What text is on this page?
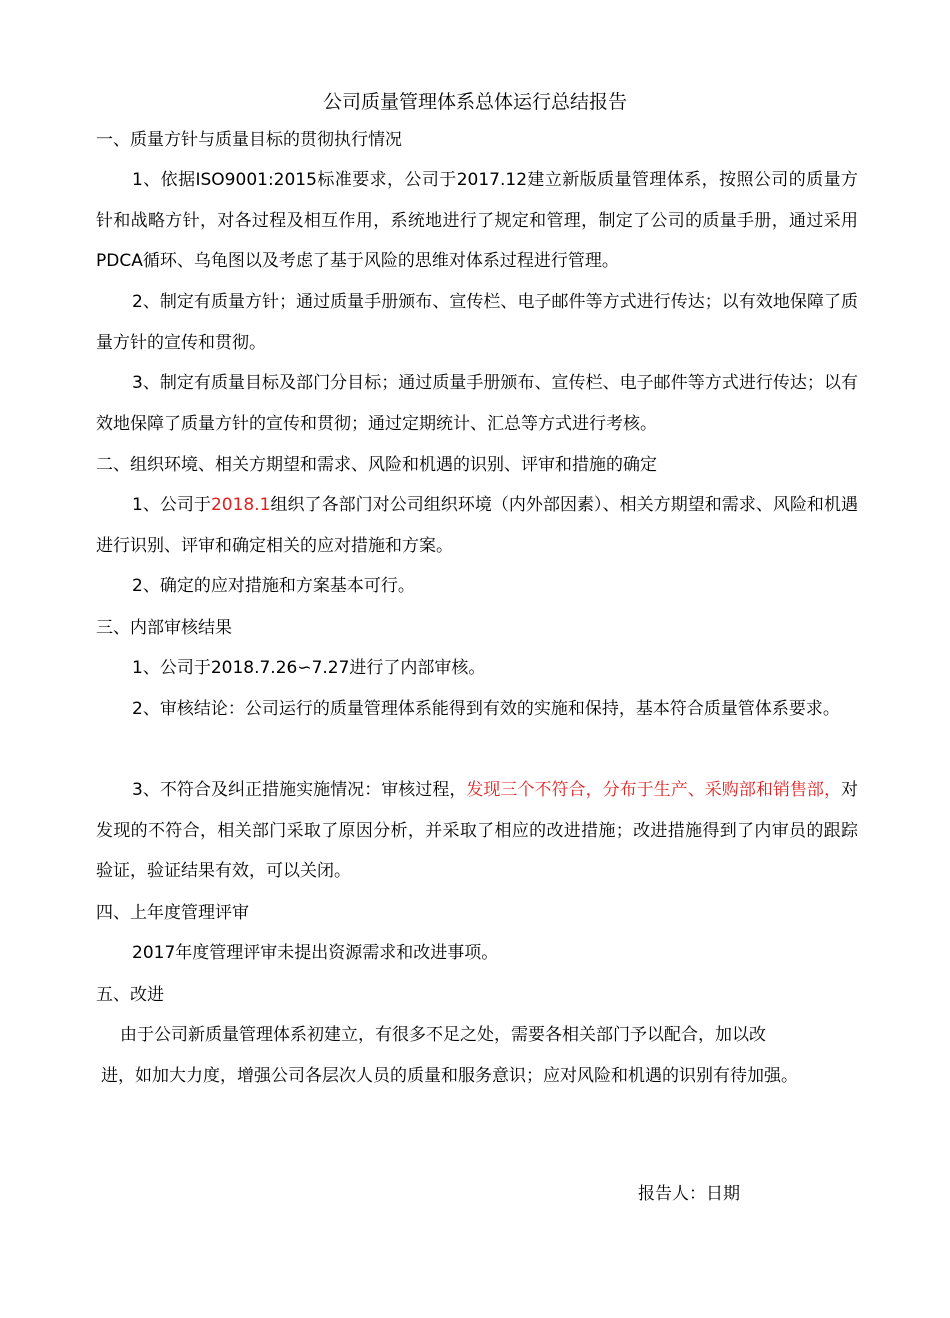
公司质量管理体系总体运行总结报告
一、质量方针与质量目标的贯彻执行情况
1、依据ISO9001:2015标准要求，公司于2017.12建立新版质量管理体系，按照公司的质量方针和战略方针，对各过程及相互作用，系统地进行了规定和管理，制定了公司的质量手册，通过采用PDCA循环、乌龟图以及考虑了基于风险的思维对体系过程进行管理。
2、制定有质量方针；通过质量手册颁布、宣传栏、电子邮件等方式进行传达；以有效地保障了质量方针的宣传和贯彻。
3、制定有质量目标及部门分目标；通过质量手册颁布、宣传栏、电子邮件等方式进行传达；以有效地保障了质量方针的宣传和贯彻；通过定期统计、汇总等方式进行考核。
二、组织环境、相关方期望和需求、风险和机遇的识别、评审和措施的确定
1、公司于2018.1组织了各部门对公司组织环境（内外部因素）、相关方期望和需求、风险和机遇进行识别、评审和确定相关的应对措施和方案。
2、确定的应对措施和方案基本可行。
三、内部审核结果
1、公司于2018.7.26∽7.27进行了内部审核。
2、审核结论：公司运行的质量管理体系能得到有效的实施和保持，基本符合质量管体系要求。
3、不符合及纠正措施实施情况：审核过程，发现三个不符合，分布于生产、采购部和销售部，对发现的不符合，相关部门采取了原因分析，并采取了相应的改进措施；改进措施得到了内审员的跟踪验证，验证结果有效，可以关闭。
四、上年度管理评审
2017年度管理评审未提出资源需求和改进事项。
五、改进
由于公司新质量管理体系初建立，有很多不足之处，需要各相关部门予以配合，加以改
进，如加大力度，增强公司各层次人员的质量和服务意识；应对风险和机遇的识别有待加强。
报告人：日期
